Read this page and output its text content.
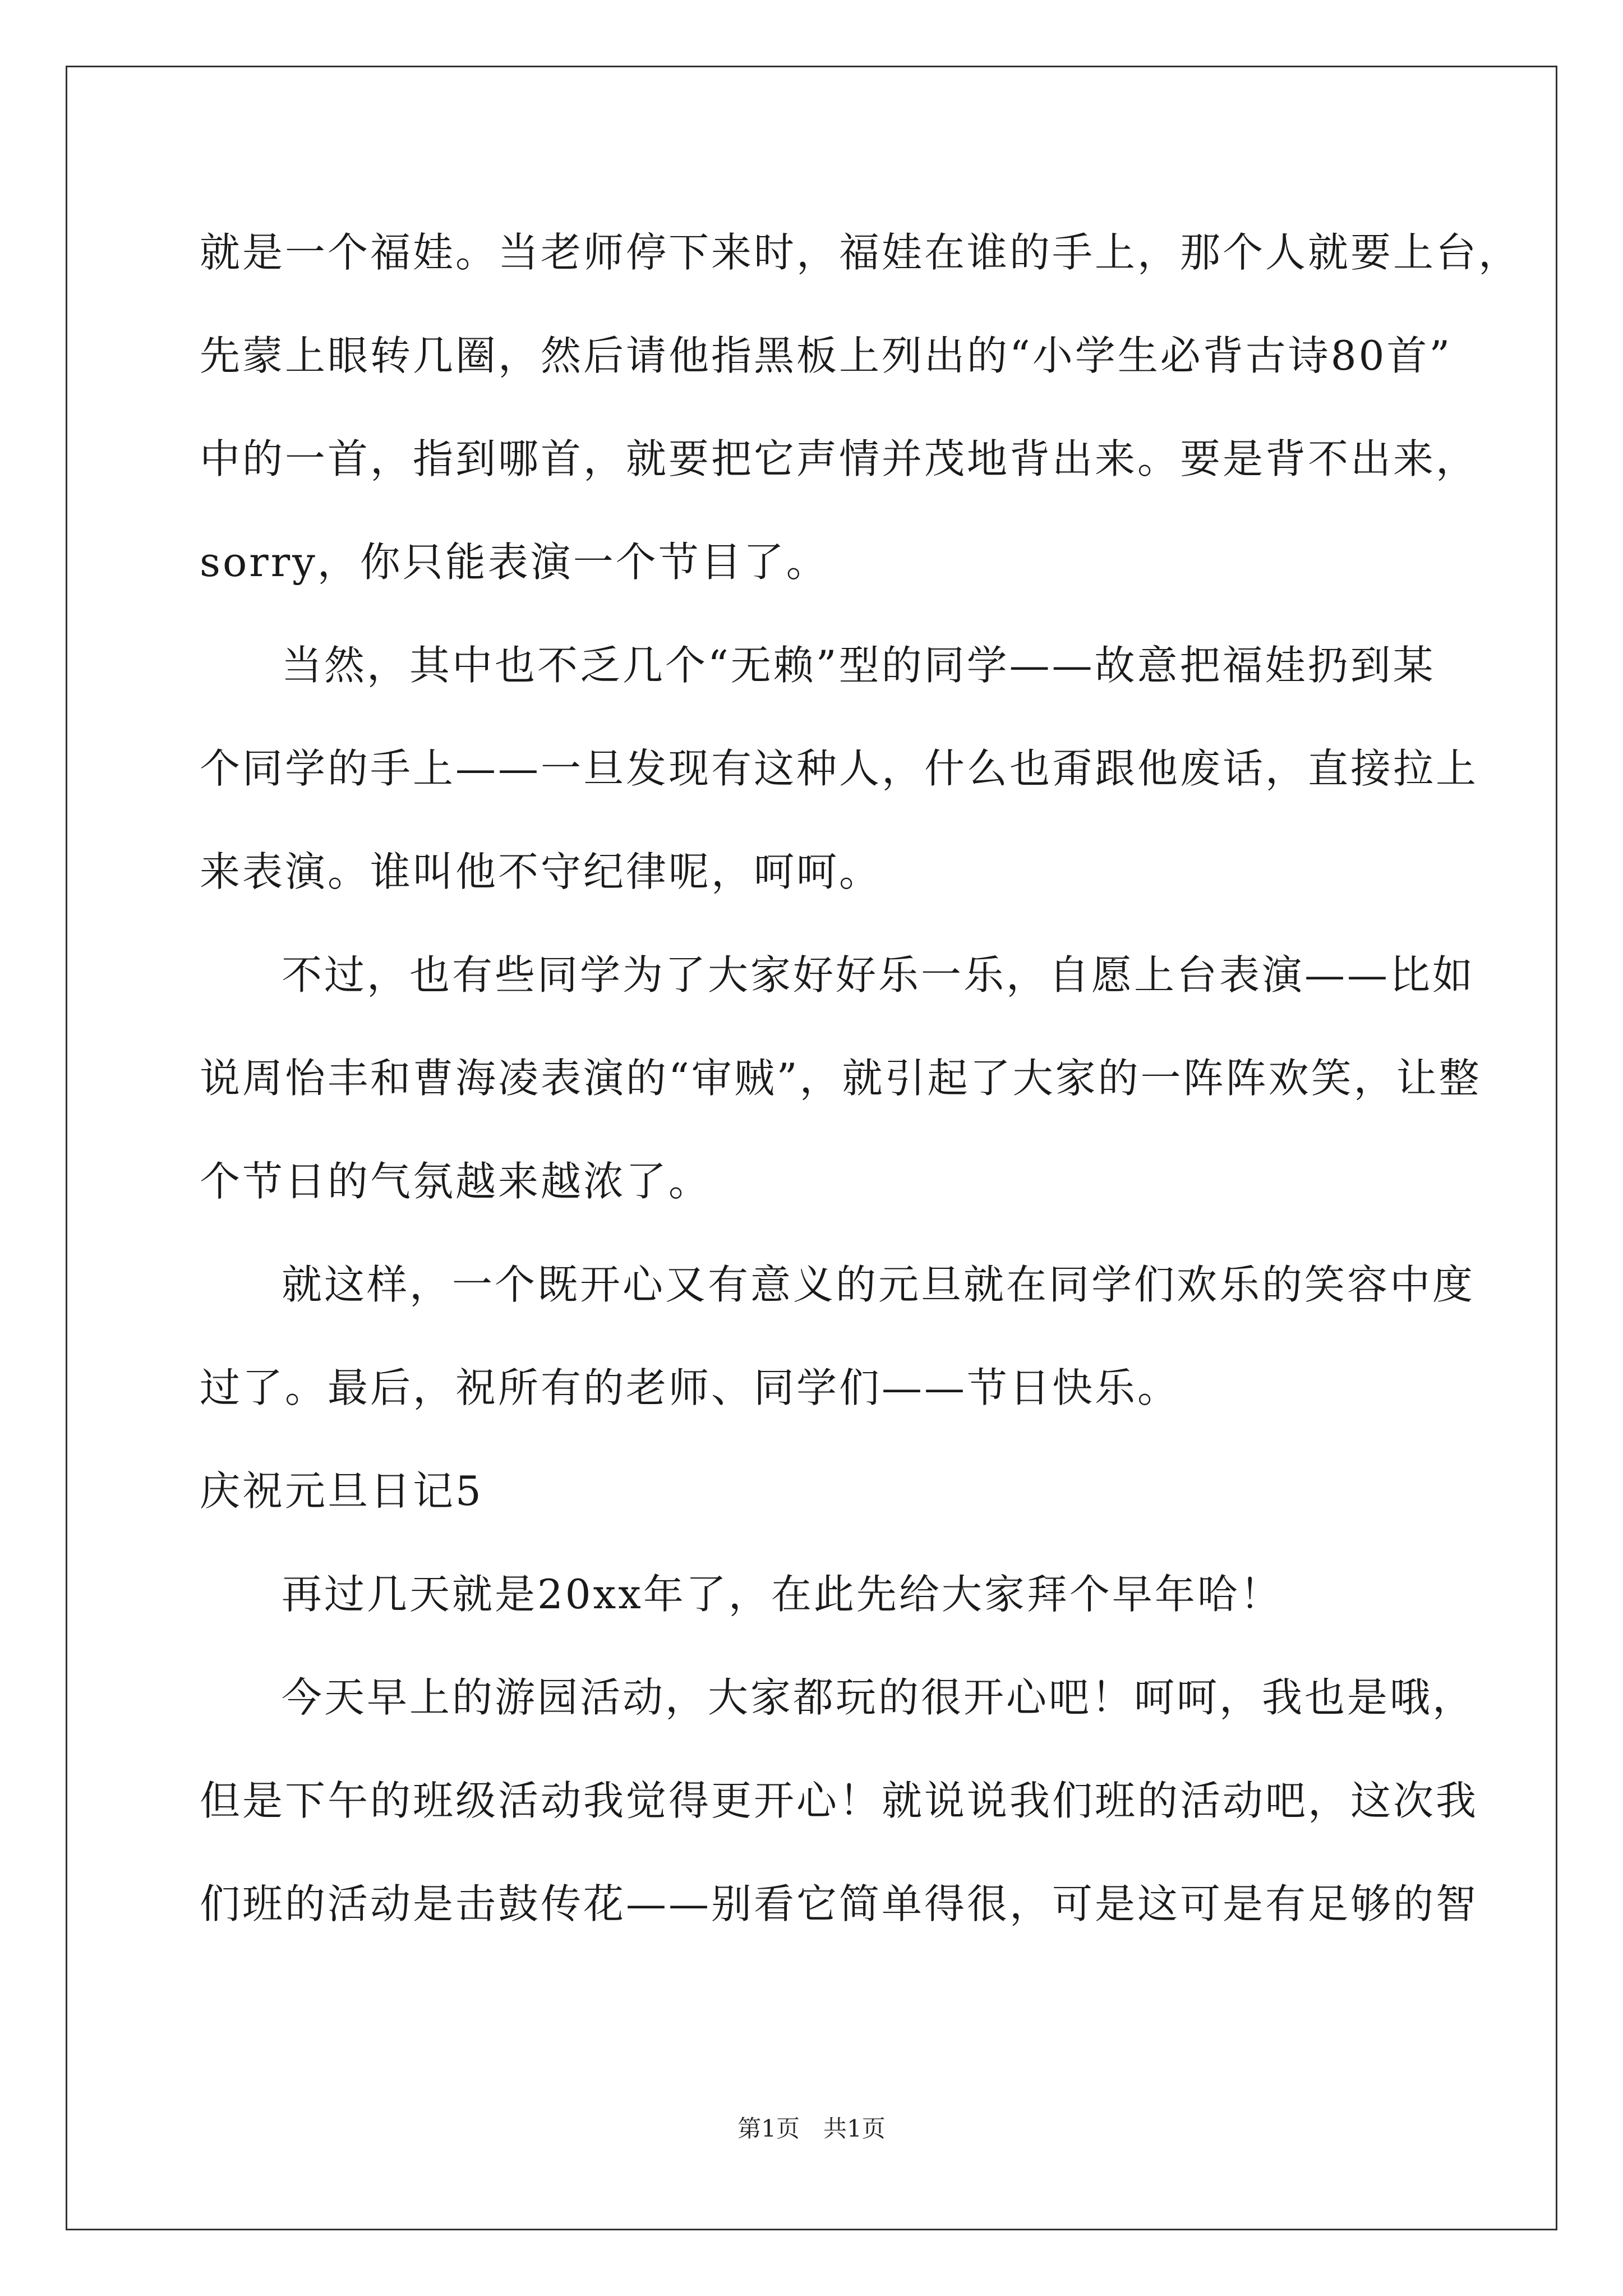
就是一个福娃。当老师停下来时，福娃在谁的手上，那个人就要上台，
先蒙上眼转几圈，然后请他指黑板上列出的“小学生必背古诗80首”
中的一首，指到哪首，就要把它声情并茂地背出来。要是背不出来，
sorry，你只能表演一个节目了。
当然，其中也不乏几个“无赖”型的同学——故意把福娃扔到某
个同学的手上——一旦发现有这种人，什么也甭跟他废话，直接拉上
来表演。谁叫他不守纪律呢，呵呵。
不过，也有些同学为了大家好好乐一乐，自愿上台表演——比如
说周怡丰和曹海凌表演的“审贼”，就引起了大家的一阵阵欢笑，让整
个节日的气氛越来越浓了。
就这样，一个既开心又有意义的元旦就在同学们欢乐的笑容中度
过了。最后，祝所有的老师、同学们——节日快乐。
庆祝元旦日记5
再过几天就是20xx年了，在此先给大家拜个早年哈！
今天早上的游园活动，大家都玩的很开心吧！呵呵，我也是哦，
但是下午的班级活动我觉得更开心！就说说我们班的活动吧，这次我
们班的活动是击鼓传花——别看它简单得很，可是这可是有足够的智
第1页　共1页
